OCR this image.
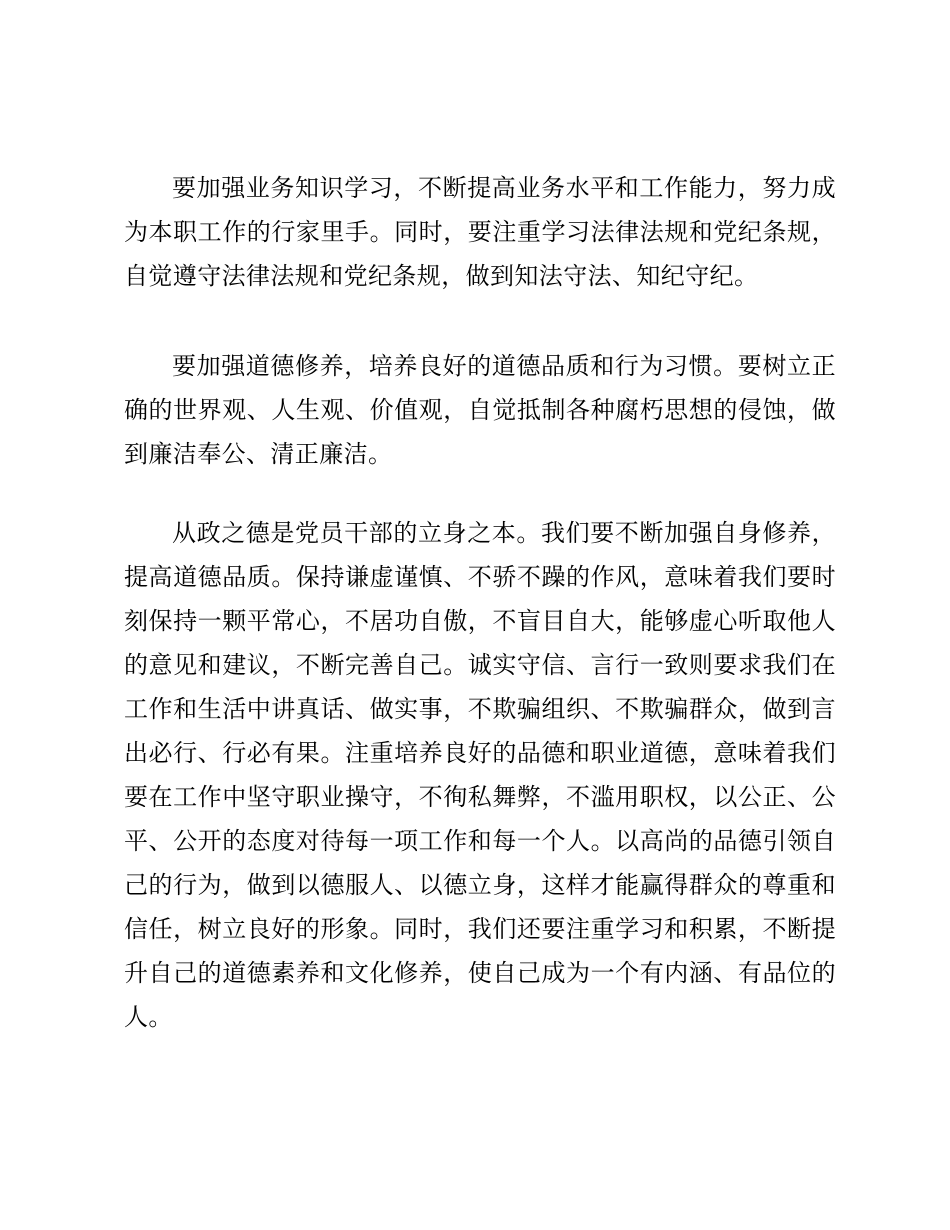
要加强业务知识学习，不断提高业务水平和工作能力，努力成为本职工作的行家里手。同时，要注重学习法律法规和党纪条规，自觉遵守法律法规和党纪条规，做到知法守法、知纪守纪。

要加强道德修养，培养良好的道德品质和行为习惯。要树立正确的世界观、人生观、价值观，自觉抵制各种腐朽思想的侵蚀，做到廉洁奉公、清正廉洁。

从政之德是党员干部的立身之本。我们要不断加强自身修养，提高道德品质。保持谦虚谨慎、不骄不躁的作风，意味着我们要时刻保持一颗平常心，不居功自傲，不盲目自大，能够虚心听取他人的意见和建议，不断完善自己。诚实守信、言行一致则要求我们在工作和生活中讲真话、做实事，不欺骗组织、不欺骗群众，做到言出必行、行必有果。注重培养良好的品德和职业道德，意味着我们要在工作中坚守职业操守，不徇私舞弊，不滥用职权，以公正、公平、公开的态度对待每一项工作和每一个人。以高尚的品德引领自己的行为，做到以德服人、以德立身，这样才能赢得群众的尊重和信任，树立良好的形象。同时，我们还要注重学习和积累，不断提升自己的道德素养和文化修养，使自己成为一个有内涵、有品位的人。
